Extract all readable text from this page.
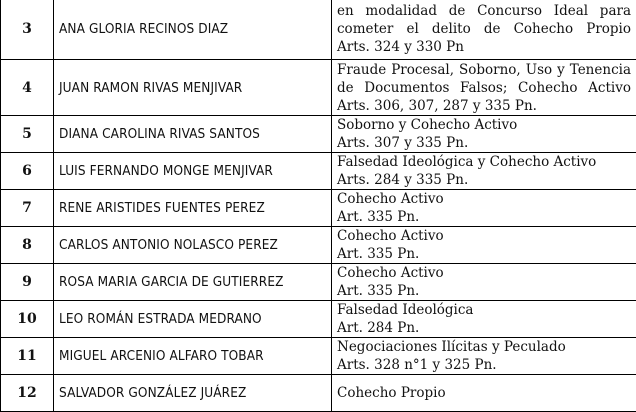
3	ANA GLORIA RECINOS DIAZ	en modalidad de Concurso Ideal para
cometer el delito de Cohecho Propio
Arts. 324 y 330 Pn

4	JUAN RAMON RIVAS MENJIVAR	Fraude Procesal, Soborno, Uso y Tenencia
de Documentos Falsos; Cohecho Activo
Arts. 306, 307, 287 y 335 Pn.

5	DIANA CAROLINA RIVAS SANTOS	Soborno y Cohecho Activo
Arts. 307 y 335 Pn.

6	LUIS FERNANDO MONGE MENJIVAR	Falsedad Ideológica y Cohecho Activo
Arts. 284 y 335 Pn.

7	RENE ARISTIDES FUENTES PEREZ	Cohecho Activo
Art. 335 Pn.

8	CARLOS ANTONIO NOLASCO PEREZ	Cohecho Activo
Art. 335 Pn.

9	ROSA MARIA GARCIA DE GUTIERREZ	Cohecho Activo
Art. 335 Pn.

10	LEO ROMÁN ESTRADA MEDRANO	Falsedad Ideológica
Art. 284 Pn.

11	MIGUEL ARCENIO ALFARO TOBAR	Negociaciones Ilícitas y Peculado
Arts. 328 n°1 y 325 Pn.

12	SALVADOR GONZÁLEZ JUÁREZ	Cohecho Propio
